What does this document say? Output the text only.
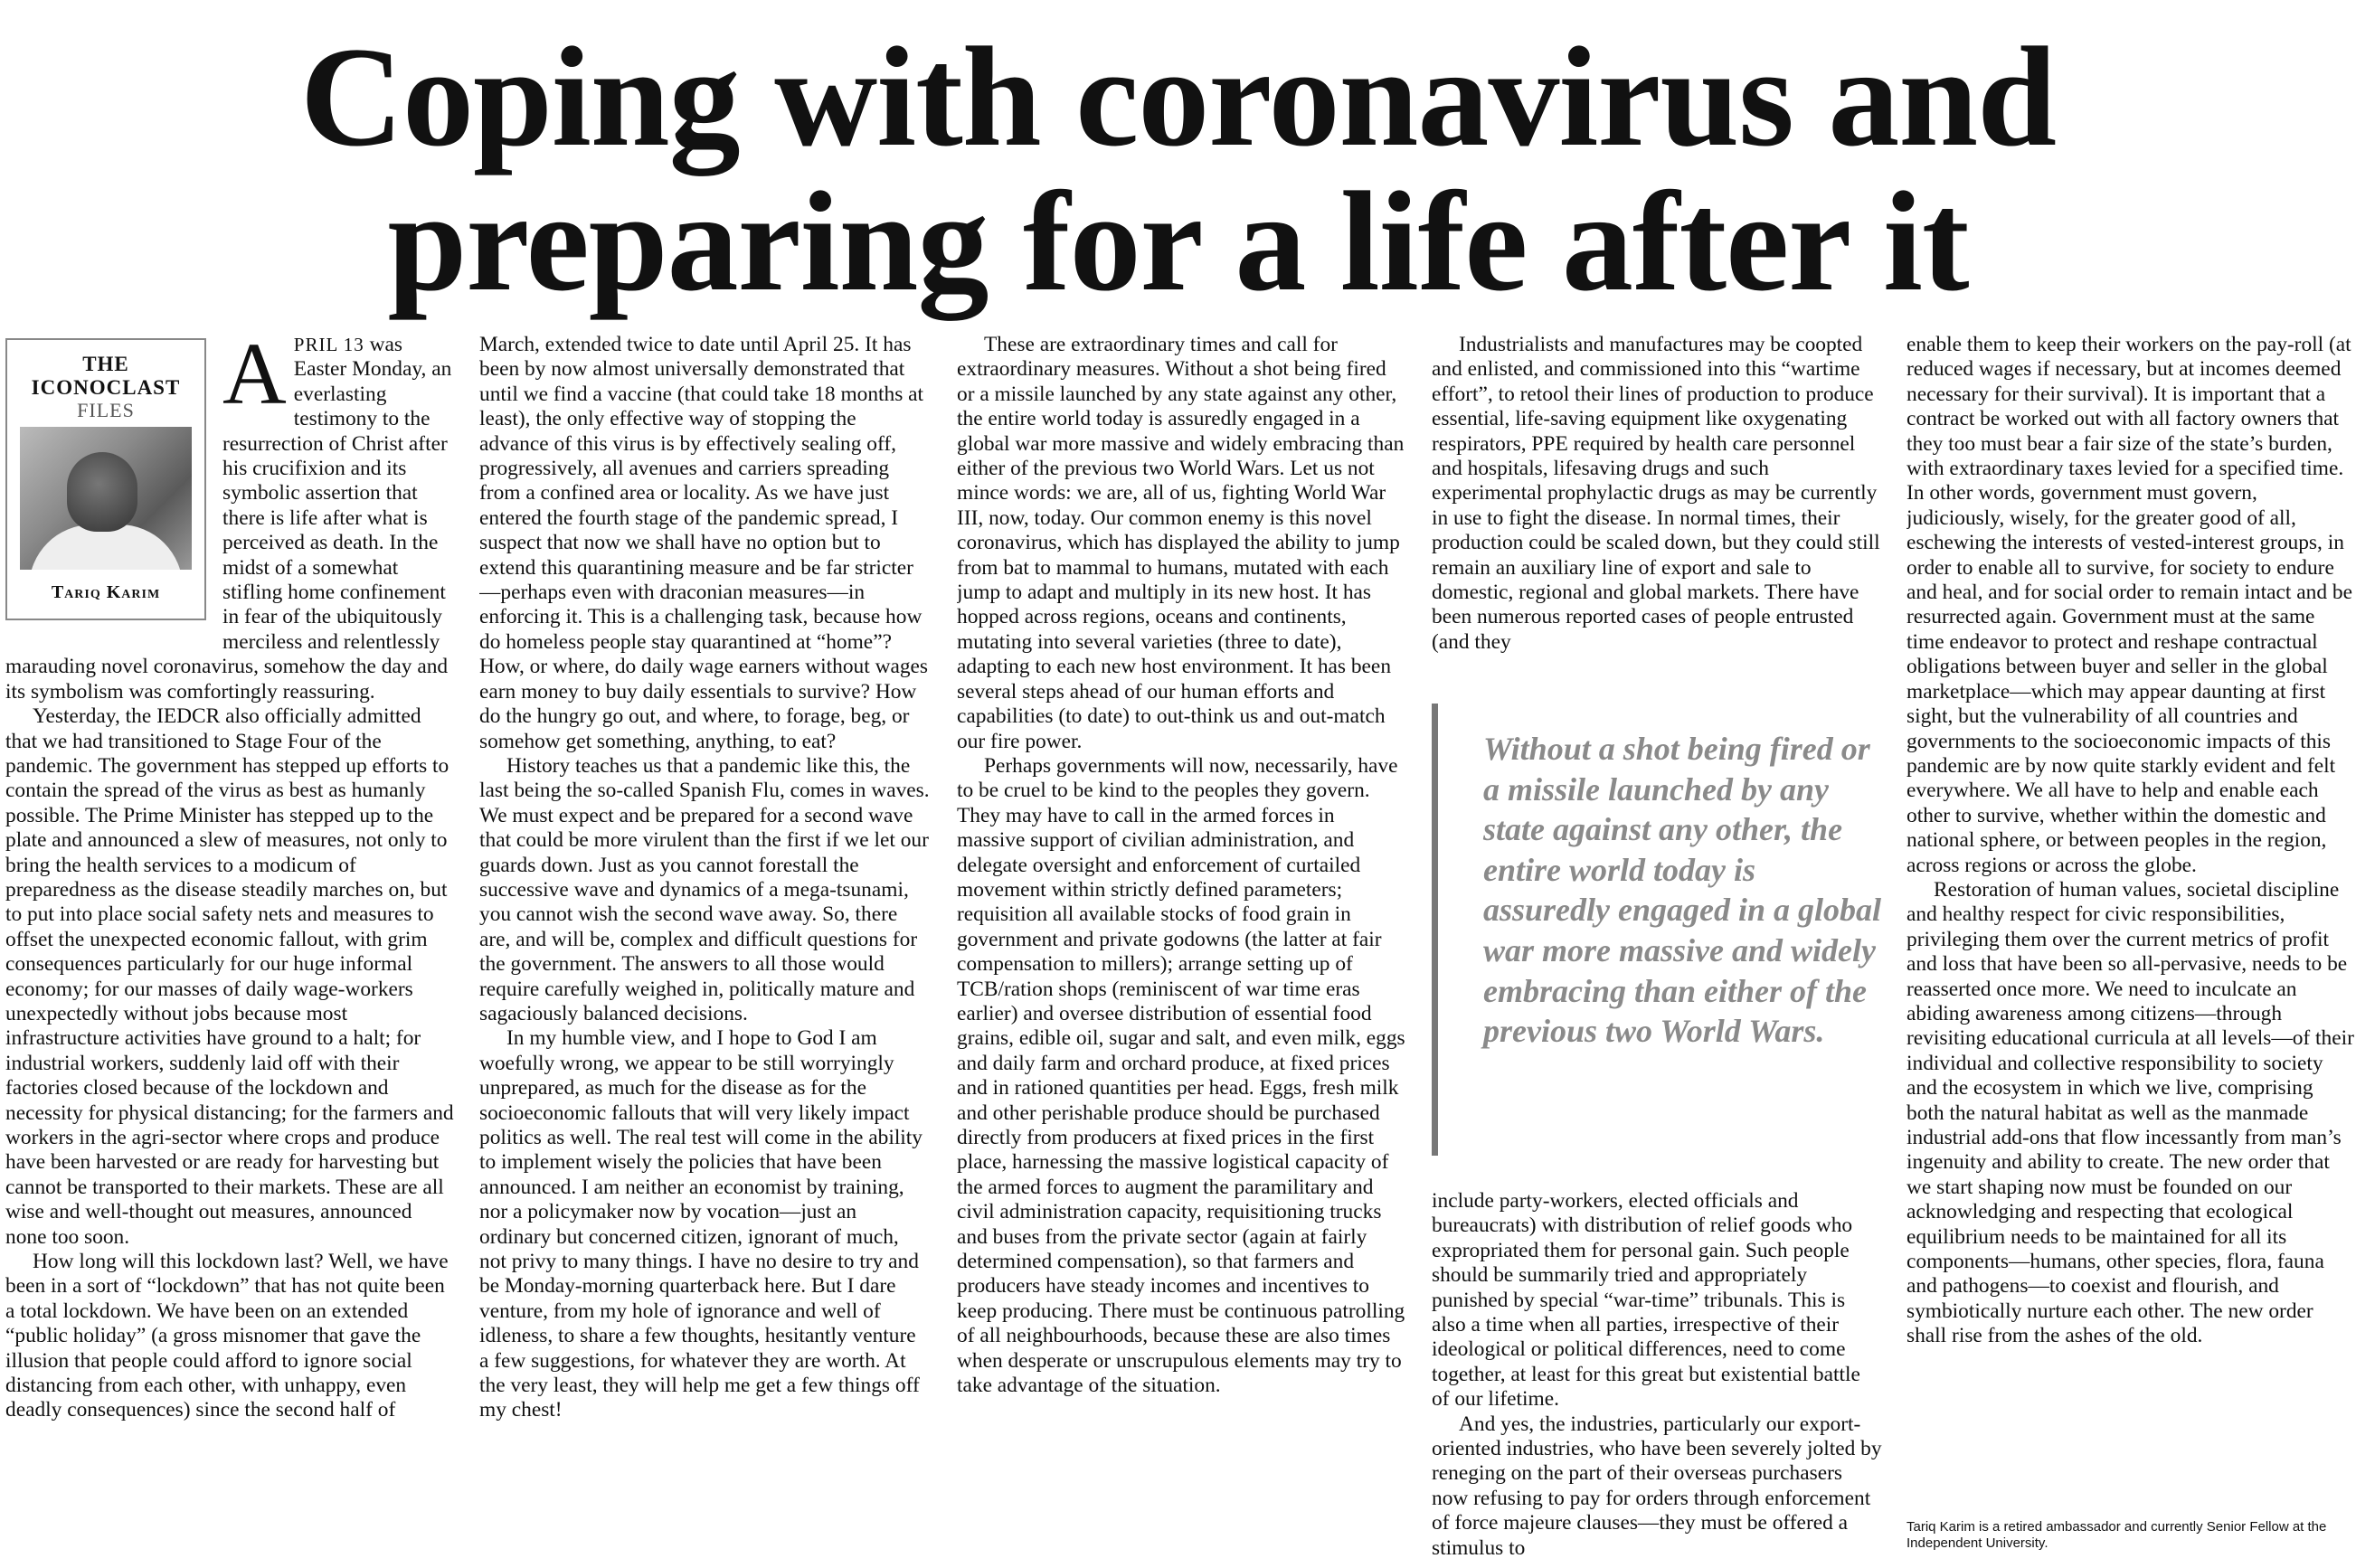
Coping with coronavirus and
preparing for a life after it

APRIL 13 was Easter Monday, an everlasting testimony to the resurrection of Christ after his crucifixion and its symbolic assertion that there is life after what is perceived as death. In the midst of a somewhat stifling home confinement in fear of the ubiquitously merciless and relentlessly marauding novel coronavirus, somehow the day and its symbolism was comfortingly reassuring.

Yesterday, the IEDCR also officially admitted that we had transitioned to Stage Four of the pandemic. The government has stepped up efforts to contain the spread of the virus as best as humanly possible. The Prime Minister has stepped up to the plate and announced a slew of measures, not only to bring the health services to a modicum of preparedness as the disease steadily marches on, but to put into place social safety nets and measures to offset the unexpected economic fallout, with grim consequences particularly for our huge informal economy; for our masses of daily wage-workers unexpectedly without jobs because most infrastructure activities have ground to a halt; for industrial workers, suddenly laid off with their factories closed because of the lockdown and necessity for physical distancing; for the farmers and workers in the agri-sector where crops and produce have been harvested or are ready for harvesting but cannot be transported to their markets. These are all wise and well-thought out measures, announced none too soon.

How long will this lockdown last? Well, we have been in a sort of “lockdown” that has not quite been a total lockdown. We have been on an extended “public holiday” (a gross misnomer that gave the illusion that people could afford to ignore social distancing from each other, with unhappy, even deadly consequences) since the second half of

THE
ICONOCLAST
FILES
Tariq Karim

March, extended twice to date until April 25. It has been by now almost universally demonstrated that until we find a vaccine (that could take 18 months at least), the only effective way of stopping the advance of this virus is by effectively sealing off, progressively, all avenues and carriers spreading from a confined area or locality. As we have just entered the fourth stage of the pandemic spread, I suspect that now we shall have no option but to extend this quarantining measure and be far stricter—perhaps even with draconian measures—in enforcing it. This is a challenging task, because how do homeless people stay quarantined at “home”? How, or where, do daily wage earners without wages earn money to buy daily essentials to survive? How do the hungry go out, and where, to forage, beg, or somehow get something, anything, to eat?

History teaches us that a pandemic like this, the last being the so-called Spanish Flu, comes in waves. We must expect and be prepared for a second wave that could be more virulent than the first if we let our guards down. Just as you cannot forestall the successive wave and dynamics of a mega-tsunami, you cannot wish the second wave away. So, there are, and will be, complex and difficult questions for the government. The answers to all those would require carefully weighed in, politically mature and sagaciously balanced decisions.

In my humble view, and I hope to God I am woefully wrong, we appear to be still worryingly unprepared, as much for the disease as for the socioeconomic fallouts that will very likely impact politics as well. The real test will come in the ability to implement wisely the policies that have been announced. I am neither an economist by training, nor a policymaker now by vocation—just an ordinary but concerned citizen, ignorant of much, not privy to many things. I have no desire to try and be Monday-morning quarterback here. But I dare venture, from my hole of ignorance and well of idleness, to share a few thoughts, hesitantly venture a few suggestions, for whatever they are worth. At the very least, they will help me get a few things off my chest!

These are extraordinary times and call for extraordinary measures. Without a shot being fired or a missile launched by any state against any other, the entire world today is assuredly engaged in a global war more massive and widely embracing than either of the previous two World Wars. Let us not mince words: we are, all of us, fighting World War III, now, today. Our common enemy is this novel coronavirus, which has displayed the ability to jump from bat to mammal to humans, mutated with each jump to adapt and multiply in its new host. It has hopped across regions, oceans and continents, mutating into several varieties (three to date), adapting to each new host environment. It has been several steps ahead of our human efforts and capabilities (to date) to out-think us and out-match our fire power.

Perhaps governments will now, necessarily, have to be cruel to be kind to the peoples they govern. They may have to call in the armed forces in massive support of civilian administration, and delegate oversight and enforcement of curtailed movement within strictly defined parameters; requisition all available stocks of food grain in government and private godowns (the latter at fair compensation to millers); arrange setting up of TCB/ration shops (reminiscent of war time eras earlier) and oversee distribution of essential food grains, edible oil, sugar and salt, and even milk, eggs and daily farm and orchard produce, at fixed prices and in rationed quantities per head. Eggs, fresh milk and other perishable produce should be purchased directly from producers at fixed prices in the first place, harnessing the massive logistical capacity of the armed forces to augment the paramilitary and civil administration capacity, requisitioning trucks and buses from the private sector (again at fairly determined compensation), so that farmers and producers have steady incomes and incentives to keep producing. There must be continuous patrolling of all neighbourhoods, because these are also times when desperate or unscrupulous elements may try to take advantage of the situation.

Industrialists and manufactures may be coopted and enlisted, and commissioned into this “wartime effort”, to retool their lines of production to produce essential, life-saving equipment like oxygenating respirators, PPE required by health care personnel and hospitals, lifesaving drugs and such experimental prophylactic drugs as may be currently in use to fight the disease. In normal times, their production could be scaled down, but they could still remain an auxiliary line of export and sale to domestic, regional and global markets. There have been numerous reported cases of people entrusted (and they

Without a shot being fired or a missile launched by any state against any other, the entire world today is assuredly engaged in a global war more massive and widely embracing than either of the previous two World Wars.

include party-workers, elected officials and bureaucrats) with distribution of relief goods who expropriated them for personal gain. Such people should be summarily tried and appropriately punished by special “war-time” tribunals. This is also a time when all parties, irrespective of their ideological or political differences, need to come together, at least for this great but existential battle of our lifetime.

And yes, the industries, particularly our export-oriented industries, who have been severely jolted by reneging on the part of their overseas purchasers now refusing to pay for orders through enforcement of force majeure clauses—they must be offered a stimulus to

enable them to keep their workers on the pay-roll (at reduced wages if necessary, but at incomes deemed necessary for their survival). It is important that a contract be worked out with all factory owners that they too must bear a fair size of the state’s burden, with extraordinary taxes levied for a specified time. In other words, government must govern, judiciously, wisely, for the greater good of all, eschewing the interests of vested-interest groups, in order to enable all to survive, for society to endure and heal, and for social order to remain intact and be resurrected again. Government must at the same time endeavor to protect and reshape contractual obligations between buyer and seller in the global marketplace—which may appear daunting at first sight, but the vulnerability of all countries and governments to the socioeconomic impacts of this pandemic are by now quite starkly evident and felt everywhere. We all have to help and enable each other to survive, whether within the domestic and national sphere, or between peoples in the region, across regions or across the globe.

Restoration of human values, societal discipline and healthy respect for civic responsibilities, privileging them over the current metrics of profit and loss that have been so all-pervasive, needs to be reasserted once more. We need to inculcate an abiding awareness among citizens—through revisiting educational curricula at all levels—of their individual and collective responsibility to society and the ecosystem in which we live, comprising both the natural habitat as well as the manmade industrial add-ons that flow incessantly from man’s ingenuity and ability to create. The new order that we start shaping now must be founded on our acknowledging and respecting that ecological equilibrium needs to be maintained for all its components—humans, other species, flora, fauna and pathogens—to coexist and flourish, and symbiotically nurture each other. The new order shall rise from the ashes of the old.

Tariq Karim is a retired ambassador and currently Senior Fellow at the Independent University.
